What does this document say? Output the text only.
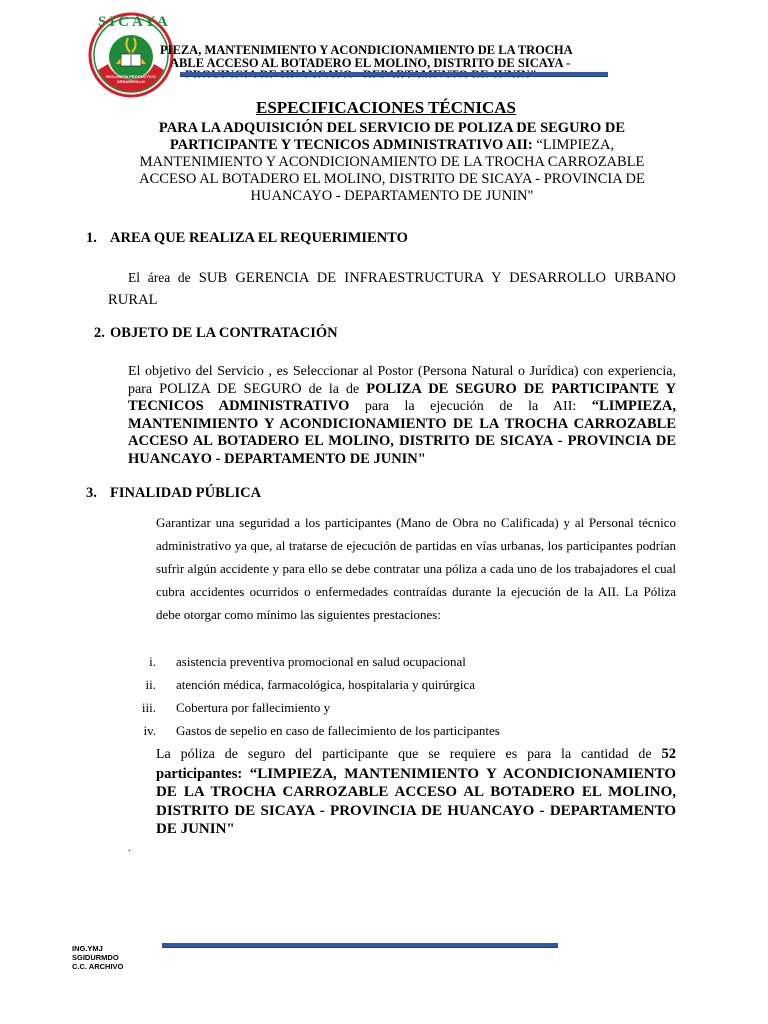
SICAYA
INCLUSIÓN PRODUCTIVO DESARROLLO
PIEZA, MANTENIMIENTO Y ACONDICIONAMIENTO DE LA TROCHA
ABLE ACCESO AL BOTADERO EL MOLINO, DISTRITO DE SICAYA -
ESPECIFICACIONES TÉCNICAS
PARA LA ADQUISICIÓN DEL SERVICIO DE POLIZA DE SEGURO DE PARTICIPANTE Y TECNICOS ADMINISTRATIVO AII: “LIMPIEZA, MANTENIMIENTO Y ACONDICIONAMIENTO DE LA TROCHA CARROZABLE ACCESO AL BOTADERO EL MOLINO, DISTRITO DE SICAYA - PROVINCIA DE HUANCAYO - DEPARTAMENTO DE JUNIN"
1. AREA QUE REALIZA EL REQUERIMIENTO
El área de SUB GERENCIA DE INFRAESTRUCTURA Y DESARROLLO URBANO RURAL
2. OBJETO DE LA CONTRATACIÓN
El objetivo del Servicio , es Seleccionar al Postor (Persona Natural o Jurídica) con experiencia, para POLIZA DE SEGURO de la de POLIZA DE SEGURO DE PARTICIPANTE Y TECNICOS ADMINISTRATIVO para la ejecución de la AII: “LIMPIEZA, MANTENIMIENTO Y ACONDICIONAMIENTO DE LA TROCHA CARROZABLE ACCESO AL BOTADERO EL MOLINO, DISTRITO DE SICAYA - PROVINCIA DE HUANCAYO - DEPARTAMENTO DE JUNIN"
3. FINALIDAD PÚBLICA
Garantizar una seguridad a los participantes (Mano de Obra no Calificada) y al Personal técnico administrativo ya que, al tratarse de ejecución de partidas en vías urbanas, los participantes podrían sufrir algún accidente y para ello se debe contratar una póliza a cada uno de los trabajadores el cual cubra accidentes ocurridos o enfermedades contraídas durante la ejecución de la AII. La Póliza debe otorgar como mínimo las siguientes prestaciones:
i. asistencia preventiva promocional en salud ocupacional
ii. atención médica, farmacológica, hospitalaria y quirúrgica
iii. Cobertura por fallecimiento y
iv. Gastos de sepelio en caso de fallecimiento de los participantes
La póliza de seguro del participante que se requiere es para la cantidad de 52 participantes: “LIMPIEZA, MANTENIMIENTO Y ACONDICIONAMIENTO DE LA TROCHA CARROZABLE ACCESO AL BOTADERO EL MOLINO, DISTRITO DE SICAYA - PROVINCIA DE HUANCAYO - DEPARTAMENTO DE JUNIN"
.
ING.YMJ
SGIDURMDO
C.C. ARCHIVO
